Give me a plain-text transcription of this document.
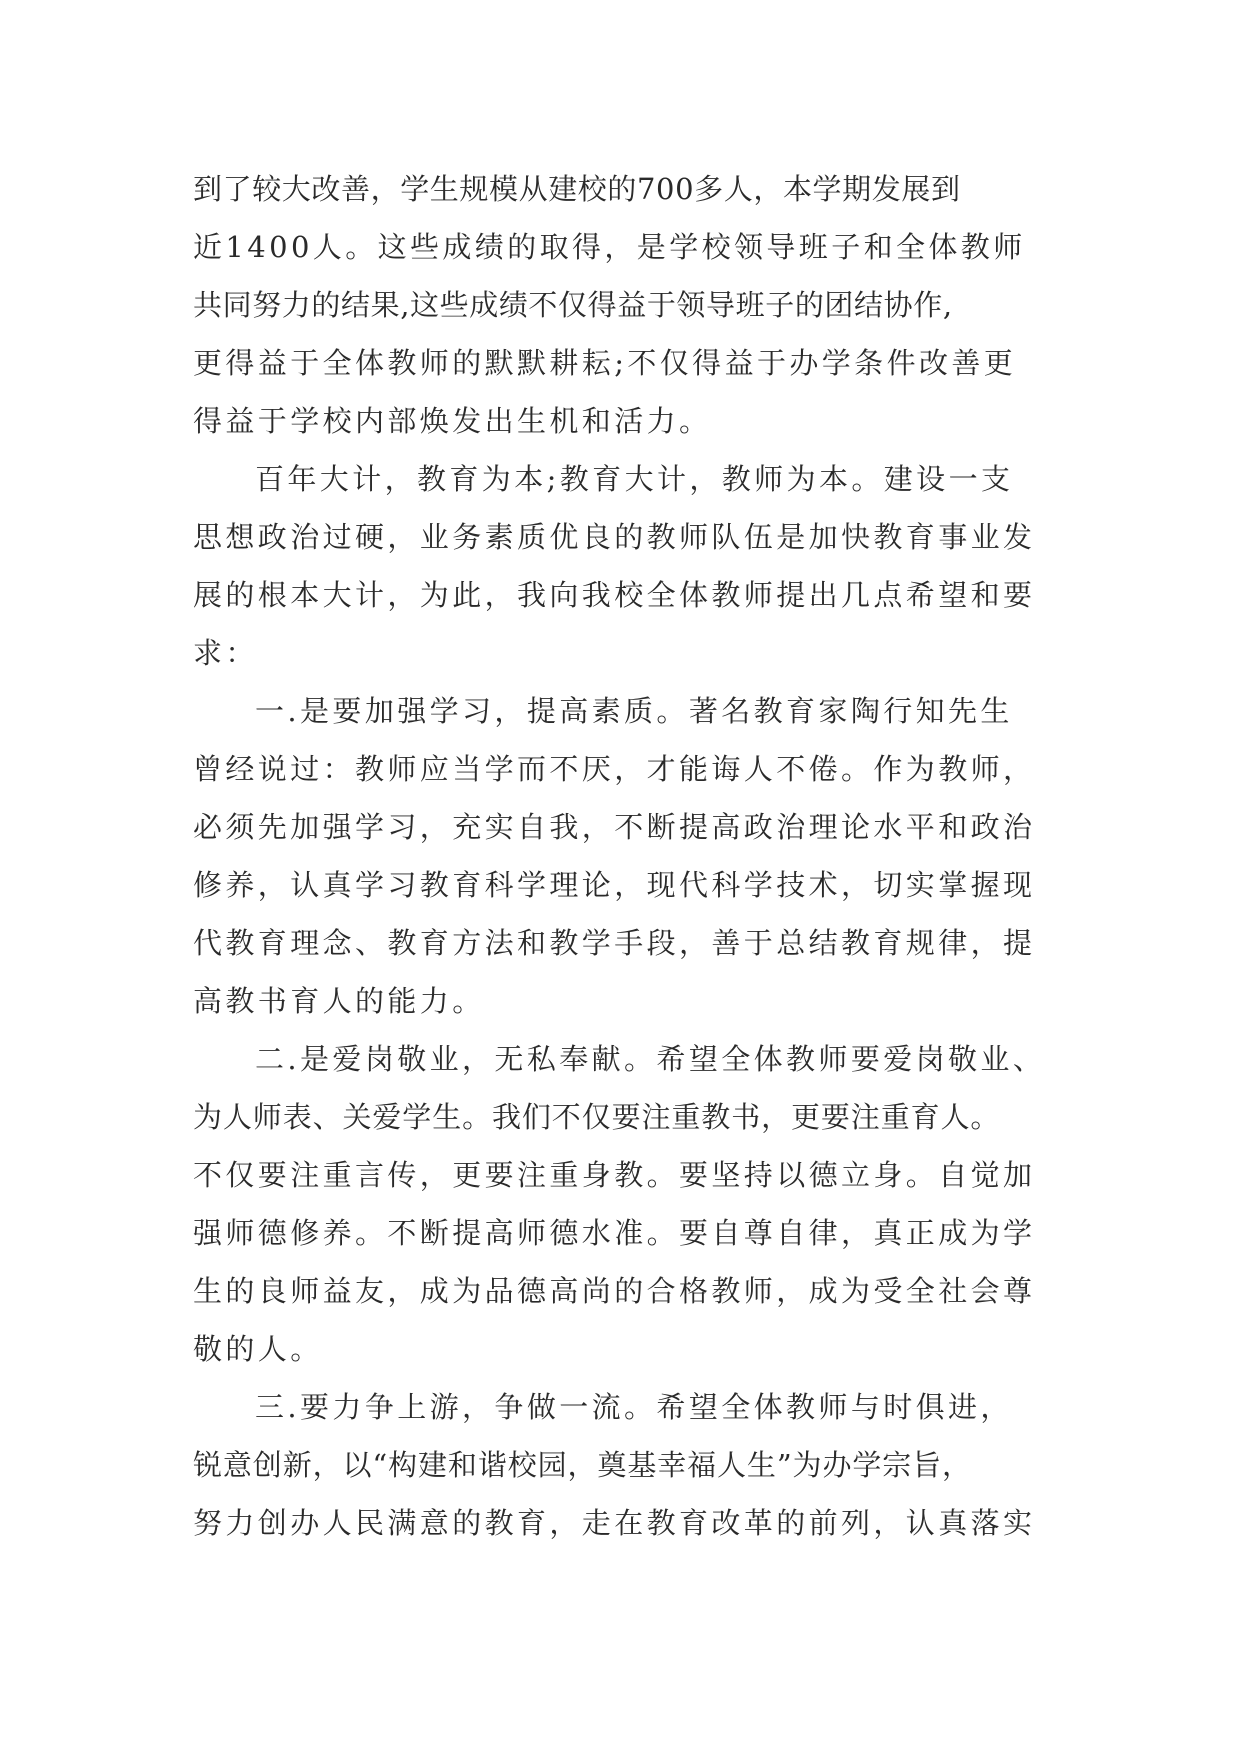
到了较大改善，学生规模从建校的700多人，本学期发展到
近1400人。这些成绩的取得，是学校领导班子和全体教师
共同努力的结果,这些成绩不仅得益于领导班子的团结协作,
更得益于全体教师的默默耕耘;不仅得益于办学条件改善更
得益于学校内部焕发出生机和活力。
百年大计，教育为本;教育大计，教师为本。建设一支
思想政治过硬，业务素质优良的教师队伍是加快教育事业发
展的根本大计，为此，我向我校全体教师提出几点希望和要
求：
一.是要加强学习，提高素质。著名教育家陶行知先生
曾经说过：教师应当学而不厌，才能诲人不倦。作为教师，
必须先加强学习，充实自我，不断提高政治理论水平和政治
修养，认真学习教育科学理论，现代科学技术，切实掌握现
代教育理念、教育方法和教学手段，善于总结教育规律，提
高教书育人的能力。
二.是爱岗敬业，无私奉献。希望全体教师要爱岗敬业、
为人师表、关爱学生。我们不仅要注重教书，更要注重育人。
不仅要注重言传，更要注重身教。要坚持以德立身。自觉加
强师德修养。不断提高师德水准。要自尊自律，真正成为学
生的良师益友，成为品德高尚的合格教师，成为受全社会尊
敬的人。
三.要力争上游，争做一流。希望全体教师与时俱进，
锐意创新，以“构建和谐校园，奠基幸福人生”为办学宗旨，
努力创办人民满意的教育，走在教育改革的前列，认真落实
